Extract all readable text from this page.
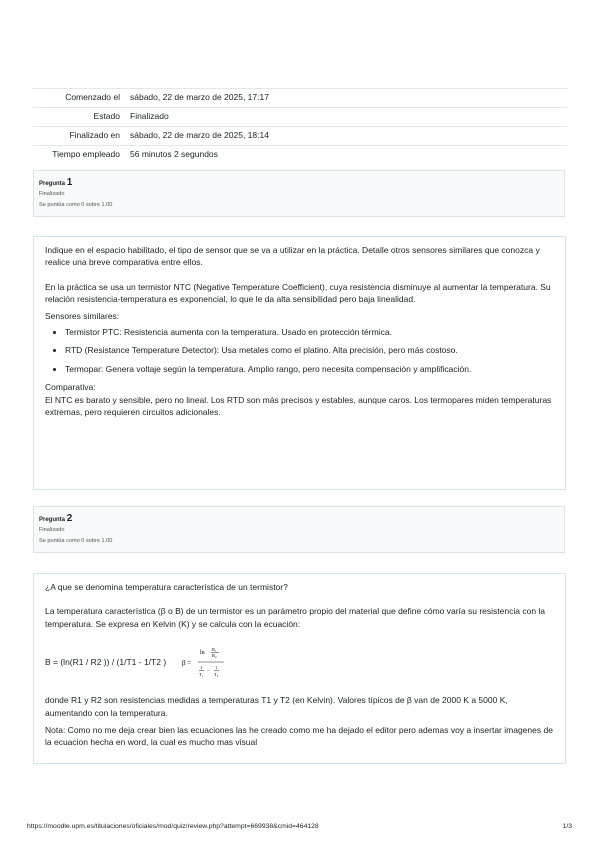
Comenzado el	sábado, 22 de marzo de 2025, 17:17
Estado	Finalizado
Finalizado en	sábado, 22 de marzo de 2025, 18:14
Tiempo empleado	56 minutos 2 segundos
Pregunta 1
Finalizado
Se puntúa como 0 sobre 1.00

Indique en el espacio habilitado, el tipo de sensor que se va a utilizar en la práctica. Detalle otros sensores similares que conozca y realice una breve comparativa entre ellos.

En la práctica se usa un termistor NTC (Negative Temperature Coefficient), cuya resistencia disminuye al aumentar la temperatura. Su relación resistencia-temperatura es exponencial, lo que le da alta sensibilidad pero baja linealidad.

Sensores similares:

• Termistor PTC: Resistencia aumenta con la temperatura. Usado en protección térmica.
• RTD (Resistance Temperature Detector): Usa metales como el platino. Alta precisión, pero más costoso.
• Termopar: Genera voltaje según la temperatura. Amplio rango, pero necesita compensación y amplificación.

Comparativa:

El NTC es barato y sensible, pero no lineal. Los RTD son más precisos y estables, aunque caros. Los termopares miden temperaturas extremas, pero requieren circuitos adicionales.

Pregunta 2
Finalizado
Se puntúa como 0 sobre 1.00

¿A que se denomina temperatura característica de un termistor?

La temperatura característica (β o B) de un termistor es un parámetro propio del material que define cómo varía su resistencia con la temperatura. Se expresa en Kelvin (K) y se calcula con la ecuación:

B = (ln(R1 / R2 )) / (1/T1 - 1/T2 ) β =
ln
R₁
R₂
1
T₁
−
1
T₂

donde R1 y R2 son resistencias medidas a temperaturas T1 y T2 (en Kelvin). Valores típicos de β van de 2000 K a 5000 K, aumentando con la temperatura.

Nota: Como no me deja crear bien las ecuaciones las he creado como me ha dejado el editor pero ademas voy a insertar imagenes de la ecuacion hecha en word, la cual es mucho mas visual

https://moodle.upm.es/titulaciones/oficiales/mod/quiz/review.php?attempt=669938&cmid=464128	1/3
